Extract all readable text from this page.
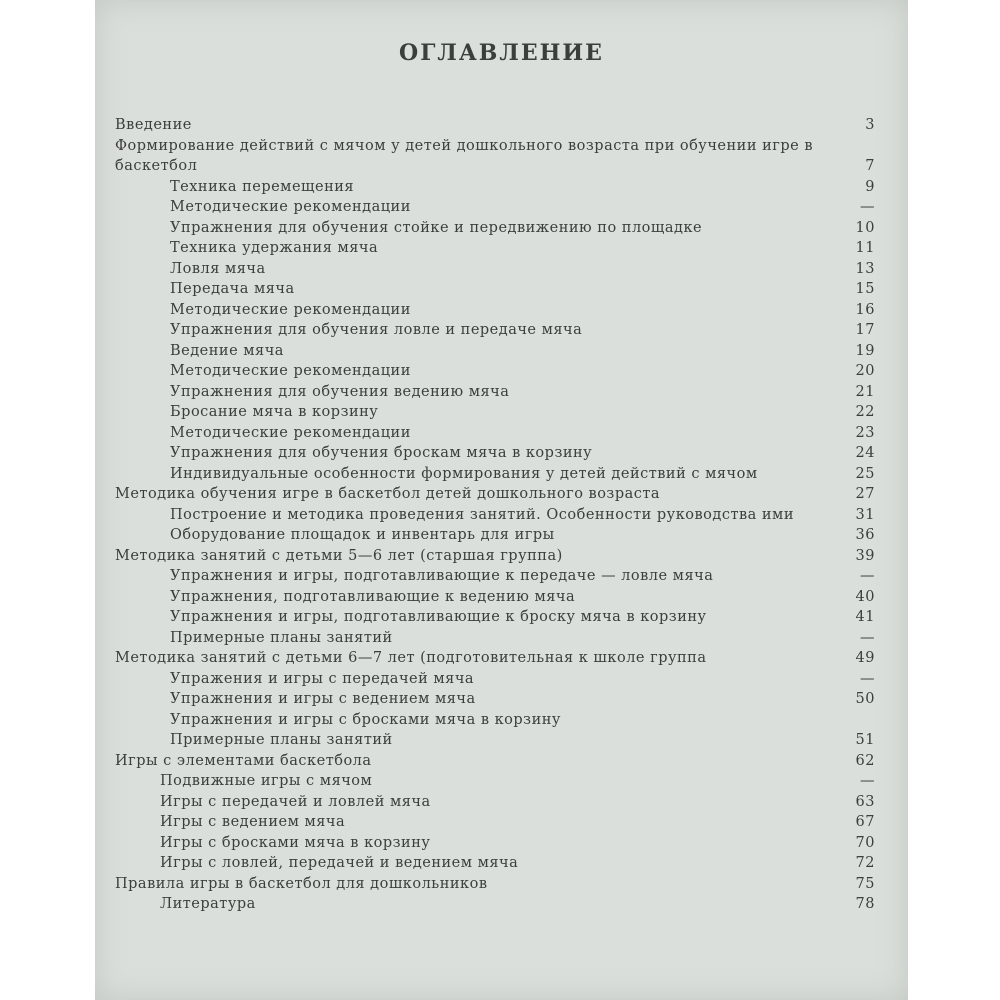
ОГЛАВЛЕНИЕ
Введение	3
Формирование действий с мячом у детей дошкольного возраста при обучении игре в баскетбол	7
Техника перемещения	9
Методические рекомендации	—
Упражнения для обучения стойке и передвижению по площадке	10
Техника удержания мяча	11
Ловля мяча	13
Передача мяча	15
Методические рекомендации	16
Упражнения для обучения ловле и передаче мяча	17
Ведение мяча	19
Методические рекомендации	20
Упражнения для обучения ведению мяча	21
Бросание мяча в корзину	22
Методические рекомендации	23
Упражнения для обучения броскам мяча в корзину	24
Индивидуальные особенности формирования у детей действий с мячом	25
Методика обучения игре в баскетбол детей дошкольного возраста	27
Построение и методика проведения занятий. Особенности руководства ими	31
Оборудование площадок и инвентарь для игры	36
Методика занятий с детьми 5—6 лет (старшая группа)	39
Упражнения и игры, подготавливающие к передаче — ловле мяча	—
Упражнения, подготавливающие к ведению мяча	40
Упражнения и игры, подготавливающие к броску мяча в корзину	41
Примерные планы занятий	—
Методика занятий с детьми 6—7 лет (подготовительная к школе группа	49
Упражения и игры с передачей мяча	—
Упражнения и игры с ведением мяча	50
Упражнения и игры с бросками мяча в корзину
Примерные планы занятий	51
Игры с элементами баскетбола	62
Подвижные игры с мячом	—
Игры с передачей и ловлей мяча	63
Игры с ведением мяча	67
Игры с бросками мяча в корзину	70
Игры с ловлей, передачей и ведением мяча	72
Правила игры в баскетбол для дошкольников	75
Литература	78
